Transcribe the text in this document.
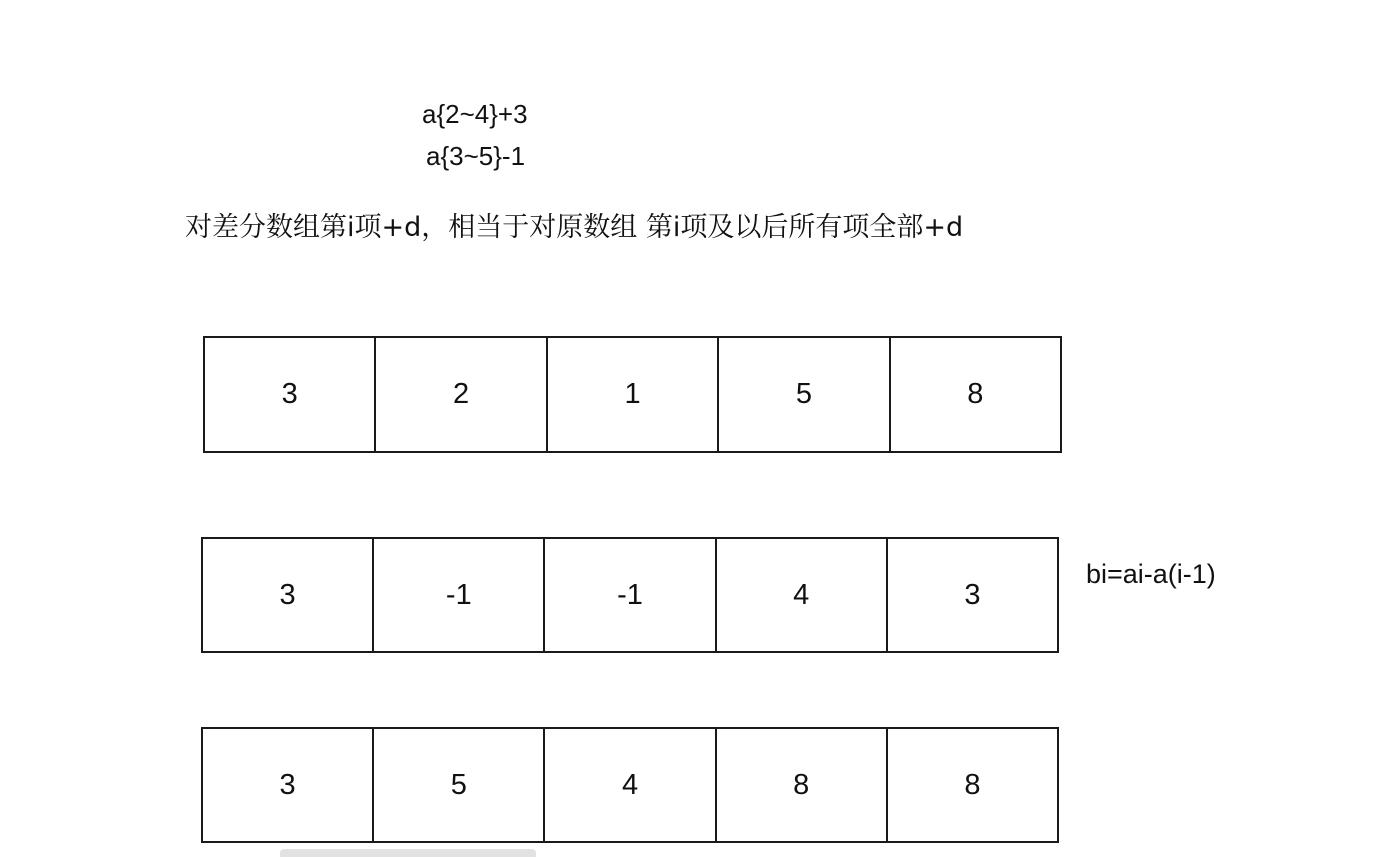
a{2~4}+3
a{3~5}-1
对差分数组第i项+d，相当于对原数组 第i项及以后所有项全部+d
3	2	1	5	8
3	-1	-1	4	3
bi=ai-a(i-1)
3	5	4	8	8
